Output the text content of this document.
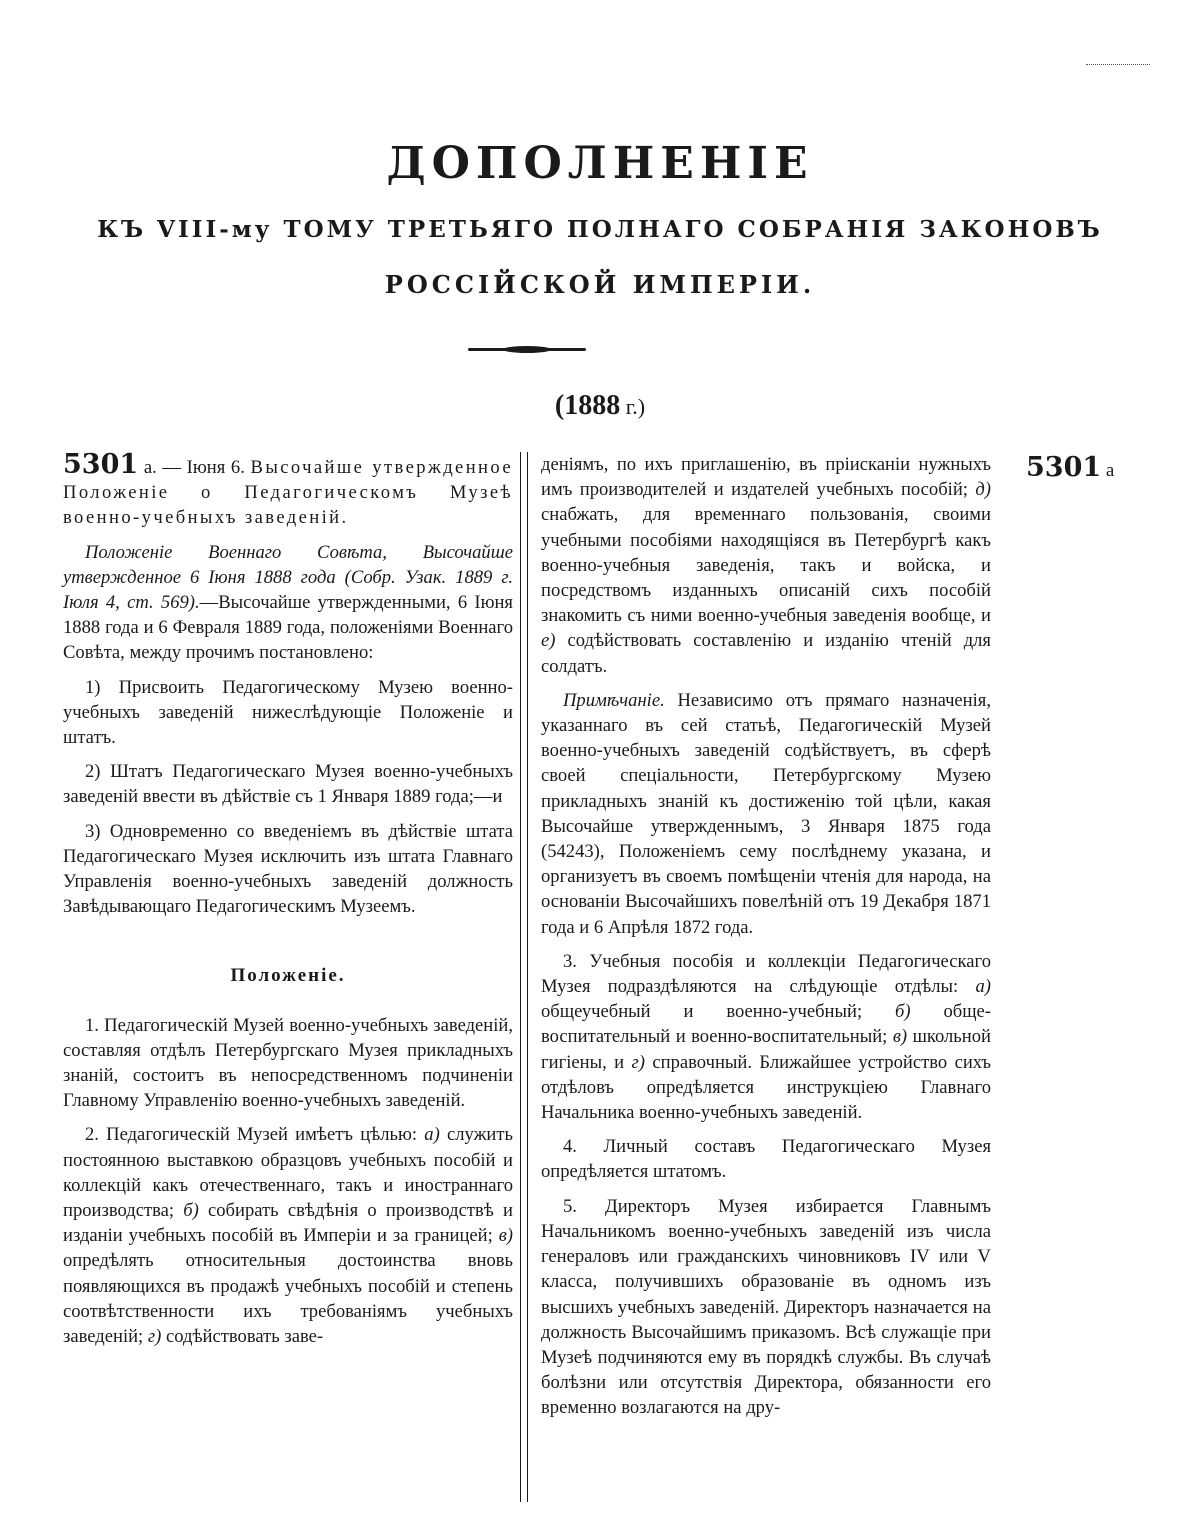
ДОПОЛНЕНІЕ
КЪ VIII-му ТОМУ ТРЕТЬЯГО ПОЛНАГО СОБРАНІЯ ЗАКОНОВЪ
РОССІЙСКОЙ ИМПЕРІИ.
(1888 г.)
5301 а

5301 а. — Іюня 6. Высочайше утвержденное Положеніе о Педагогическомъ Музеѣ военно-учебныхъ заведеній.

Положеніе Военнаго Совѣта, Высочайше утвержденное 6 Іюня 1888 года (Собр. Узак. 1889 г. Іюля 4, ст. 569).—Высочайше утвержденными, 6 Іюня 1888 года и 6 Февраля 1889 года, положеніями Военнаго Совѣта, между прочимъ постановлено:

1) Присвоить Педагогическому Музею военно-учебныхъ заведеній нижеслѣдующіе Положеніе и штатъ.

2) Штатъ Педагогическаго Музея военно-учебныхъ заведеній ввести въ дѣйствіе съ 1 Января 1889 года;—и

3) Одновременно со введеніемъ въ дѣйствіе штата Педагогическаго Музея исключить изъ штата Главнаго Управленія военно-учебныхъ заведеній должность Завѣдывающаго Педагогическимъ Музеемъ.

Положеніе.

1. Педагогическій Музей военно-учебныхъ заведеній, составляя отдѣлъ Петербургскаго Музея прикладныхъ знаній, состоитъ въ непосредственномъ подчиненіи Главному Управленію военно-учебныхъ заведеній.

2. Педагогическій Музей имѣетъ цѣлью: а) служить постоянною выставкою образцовъ учебныхъ пособій и коллекцій какъ отечественнаго, такъ и иностраннаго производства; б) собирать свѣдѣнія о производствѣ и изданіи учебныхъ пособій въ Имперіи и за границей; в) опредѣлять относительныя достоинства вновь появляющихся въ продажѣ учебныхъ пособій и степень соотвѣтственности ихъ требованіямъ учебныхъ заведеній; г) содѣйствовать заве-

деніямъ, по ихъ приглашенію, въ пріисканіи нужныхъ имъ производителей и издателей учебныхъ пособій; д) снабжать, для временнаго пользованія, своими учебными пособіями находящіяся въ Петербургѣ какъ военно-учебныя заведенія, такъ и войска, и посредствомъ изданныхъ описаній сихъ пособій знакомить съ ними военно-учебныя заведенія вообще, и е) содѣйствовать составленію и изданію чтеній для солдатъ.

Примѣчаніе. Независимо отъ прямаго назначенія, указаннаго въ сей статьѣ, Педагогическій Музей военно-учебныхъ заведеній содѣйствуетъ, въ сферѣ своей спеціальности, Петербургскому Музею прикладныхъ знаній къ достиженію той цѣли, какая Высочайше утвержденнымъ, 3 Января 1875 года (54243), Положеніемъ сему послѣднему указана, и организуетъ въ своемъ помѣщеніи чтенія для народа, на основаніи Высочайшихъ повелѣній отъ 19 Декабря 1871 года и 6 Апрѣля 1872 года.

3. Учебныя пособія и коллекціи Педагогическаго Музея подраздѣляются на слѣдующіе отдѣлы: а) общеучебный и военно-учебный; б) обще-воспитательный и военно-воспитательный; в) школьной гигіены, и г) справочный. Ближайшее устройство сихъ отдѣловъ опредѣляется инструкціею Главнаго Начальника военно-учебныхъ заведеній.

4. Личный составъ Педагогическаго Музея опредѣляется штатомъ.

5. Директоръ Музея избирается Главнымъ Начальникомъ военно-учебныхъ заведеній изъ числа генераловъ или гражданскихъ чиновниковъ IV или V класса, получившихъ образованіе въ одномъ изъ высшихъ учебныхъ заведеній. Директоръ назначается на должность Высочайшимъ приказомъ. Всѣ служащіе при Музеѣ подчиняются ему въ порядкѣ службы. Въ случаѣ болѣзни или отсутствія Директора, обязанности его временно возлагаются на дру-
